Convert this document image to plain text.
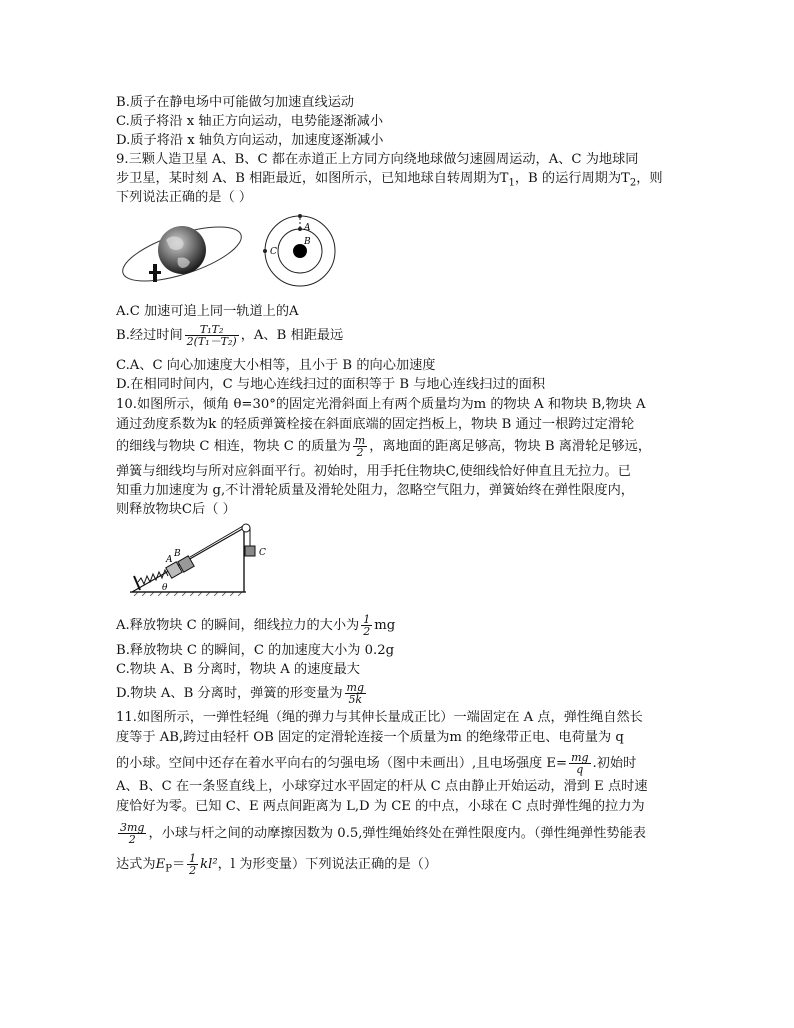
B.质子在静电场中可能做匀加速直线运动
C.质子将沿 x 轴正方向运动，电势能逐渐减小
D.质子将沿 x 轴负方向运动，加速度逐渐减小
9.三颗人造卫星 A、B、C 都在赤道正上方同方向绕地球做匀速圆周运动，A、C 为地球同
步卫星，某时刻 A、B 相距最近，如图所示，已知地球自转周期为$T_1$，B 的运行周期为$T_2$，则
下列说法正确的是（ ）
A
B
C
A.C 加速可追上同一轨道上的A
B.经过时间 $\frac{\text{T₁T₂}}{\text{2(T₁－T₂)}}$ ，A、B 相距最远
C.A、C 向心加速度大小相等，且小于 B 的向心加速度
D.在相同时间内，C 与地心连线扫过的面积等于 B 与地心连线扫过的面积
10.如图所示，倾角 θ=30°的固定光滑斜面上有两个质量均为m 的物块 A 和物块 B,物块 A
通过劲度系数为k 的轻质弹簧栓接在斜面底端的固定挡板上，物块 B 通过一根跨过定滑轮
的细线与物块 C 相连，物块 C 的质量为 $\frac{m}{2}$ ，离地面的距离足够高，物块 B 离滑轮足够远，
弹簧与细线均与所对应斜面平行。初始时，用手托住物块C,使细线恰好伸直且无拉力。已
知重力加速度为 g,不计滑轮质量及滑轮处阻力，忽略空气阻力，弹簧始终在弹性限度内，
则释放物块C后（ ）
A
B	C
θ
A.释放物块 C 的瞬间，细线拉力的大小为 $\frac{1}{2}$ mg
B.释放物块 C 的瞬间，C 的加速度大小为 0.2g
C.物块 A、B 分离时，物块 A 的速度最大
D.物块 A、B 分离时，弹簧的形变量为 $\frac{mg}{5k}$
11.如图所示，一弹性轻绳（绳的弹力与其伸长量成正比）一端固定在 A 点，弹性绳自然长
度等于 AB,跨过由轻杆 OB 固定的定滑轮连接一个质量为m 的绝缘带正电、电荷量为 q
的小球。空间中还存在着水平向右的匀强电场（图中未画出）,且电场强度 $E= \frac{mg}{q}$ .初始时
A、B、C 在一条竖直线上，小球穿过水平固定的杆从 C 点由静止开始运动，滑到 E 点时速
度恰好为零。已知 C、E 两点间距离为 L,D 为 CE 的中点，小球在 C 点时弹性绳的拉力为
$\frac{3mg}{2}$ ，小球与杆之间的动摩擦因数为 0.5,弹性绳始终处在弹性限度内。（弹性绳弹性势能表
达式为$E_P= \frac{1}{2} kl^2$，l 为形变量）下列说法正确的是（）
